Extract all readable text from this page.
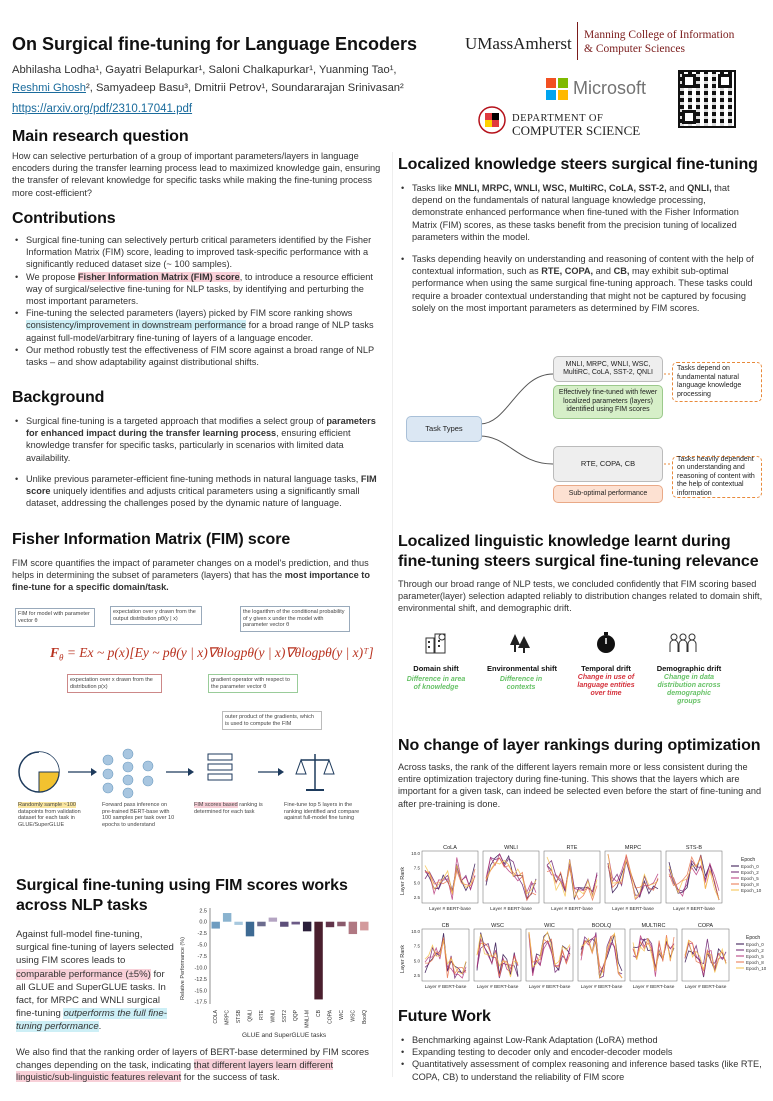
On Surgical fine-tuning for Language Encoders
Abhilasha Lodha¹, Gayatri Belapurkar¹, Saloni Chalkapurkar¹, Yuanming Tao¹,
Reshmi Ghosh², Samyadeep Basu³, Dmitrii Petrov¹, Soundararajan Srinivasan²
https://arxiv.org/pdf/2310.17041.pdf
UMassAmherst Manning College of Information
& Computer Sciences
Microsoft
DEPARTMENT OF
COMPUTER SCIENCE
Main research question
How can selective perturbation of a group of important parameters/layers in language encoders during the transfer learning process lead to maximized knowledge gain, ensuring the transfer of relevant knowledge for specific tasks while making the fine-tuning process more cost-efficient?
Contributions
• Surgical fine-tuning can selectively perturb critical parameters identified by the Fisher Information Matrix (FIM) score, leading to improved task-specific performance with a significantly reduced dataset size (~ 100 samples).
• We propose Fisher Information Matrix (FIM) score, to introduce a resource efficient way of surgical/selective fine-tuning for NLP tasks, by identifying and perturbing the most important parameters.
• Fine-tuning the selected parameters (layers) picked by FIM score ranking shows consistency/improvement in downstream performance for a broad range of NLP tasks against full-model/arbitrary fine-tuning of layers of a language encoder.
• Our method robustly test the effectiveness of FIM score against a broad range of NLP tasks – and show adaptability against distributional shifts.
Background
• Surgical fine-tuning is a targeted approach that modifies a select group of parameters for enhanced impact during the transfer learning process, ensuring efficient knowledge transfer for specific tasks, particularly in scenarios with limited data availability.
• Unlike previous parameter-efficient fine-tuning methods in natural language tasks, FIM score uniquely identifies and adjusts critical parameters using a significantly small dataset, addressing the challenges posed by the dynamic nature of language.
Fisher Information Matrix (FIM) score
FIM score quantifies the impact of parameter changes on a model's prediction, and thus helps in determining the subset of parameters (layers) that has the most importance to fine-tune for a specific domain/task.
FIM for model with parameter vector θ
expectation over y drawn from the output distribution pθ(y | x)
the logarithm of the conditional probability of y given x under the model with parameter vector θ
$F_\theta = Ex$ ~ p(x)[Ey ~ pθ(y | x)∇θlogpθ(y | x)∇θlogpθ(y | x)ᵀ]
expectation over x drawn from the distribution p(x)
gradient operator with respect to the parameter vector θ
outer product of the gradients, which is used to compute the FIM
Randomly sample ~100 datapoints from validation dataset for each task in GLUE/SuperGLUE
Forward pass inference on pre-trained BERT-base with 100 samples per task over 10 epochs to understand
FIM scores based ranking is determined for each task
Fine-tune top 5 layers in the ranking identified and compare against full-model fine tuning
Surgical fine-tuning using FIM scores works
across NLP tasks
Against full-model fine-tuning, surgical fine-tuning of layers selected using FIM scores leads to comparable performance (±5%) for all GLUE and SuperGLUE tasks. In fact, for MRPC and WNLI surgical fine-tuning outperforms the full fine-tuning performance.
Relative Performance (%)
2.5
0.0
-2.5
-5.0
-7.5
-10.0
-12.5
-15.0
-17.5
COLA MRPC STSB QNLI RTE WNLI SST2 QQP MNLI-M CB COPA WIC WSC BoolQ
GLUE and SuperGLUE tasks
We also find that the ranking order of layers of BERT-base determined by FIM scores changes depending on the task, indicating that different layers learn different linguistic/sub-linguistic features relevant for the success of task.
Localized knowledge steers surgical fine-tuning
• Tasks like MNLI, MRPC, WNLI, WSC, MultiRC, CoLA, SST-2, and QNLI, that depend on the fundamentals of natural language knowledge processing, demonstrate enhanced performance when fine-tuned with the Fisher Information Matrix (FIM) scores, as these tasks benefit from the precision tuning of localized parameters within the model.
• Tasks depending heavily on understanding and reasoning of content with the help of contextual information, such as RTE, COPA, and CB, may exhibit sub-optimal performance when using the same surgical fine-tuning approach. These tasks could require a broader contextual understanding that might not be captured by focusing solely on the most important parameters as determined by FIM scores.
Task Types
MNLI, MRPC, WNLI, WSC, MultiRC, CoLA, SST-2, QNLI
Effectively fine-tuned with fewer localized parameters (layers) identified using FIM scores
Tasks depend on fundamental natural language knowledge processing
RTE, COPA, CB
Sub-optimal performance
Tasks heavily dependent on understanding and reasoning of content with the help of contextual information
Localized linguistic knowledge learnt during
fine-tuning steers surgical fine-tuning relevance
Through our broad range of NLP tests, we concluded confidently that FIM scoring based parameter(layer) selection adapted reliably to distribution changes related to domain shift, environmental shift, and demographic drift.
Domain shift
Difference in area of knowledge
Environmental shift
Difference in contexts
Temporal drift
Change in use of language entities over time
Demographic drift
Change in data distribution across demographic groups
No change of layer rankings during optimization
Across tasks, the rank of the different layers remain more or less consistent during the entire optimization trajectory during fine-tuning. This shows that the layers which are important for a given task, can indeed be selected even before the start of fine-tuning and after pre-training is done.
CoLA
Layer # BERT-base
10.0
7.5
5.0
2.5
WNLI
Layer # BERT-base
RTE
Layer # BERT-base
MRPC
Layer # BERT-base
STS-B
Layer # BERT-base
CB
Layer # BERT-base
10.0
7.5
5.0
2.5
WSC
Layer # BERT-base
WIC
Layer # BERT-base
BOOLQ
Layer # BERT-base
MULTIRC
Layer # BERT-base
COPA
Layer # BERT-base
Layer Rank
Layer Rank
Epoch
Epoch_0
Epoch_2
Epoch_5
Epoch_8
Epoch_10
Epoch
Epoch_0
Epoch_2
Epoch_5
Epoch_8
Epoch_10
Future Work
• Benchmarking against Low-Rank Adaptation (LoRA) method
• Expanding testing to decoder only and encoder-decoder models
• Quantitatively assessment of complex reasoning and inference based tasks (like RTE, COPA, CB) to understand the reliability of FIM score
